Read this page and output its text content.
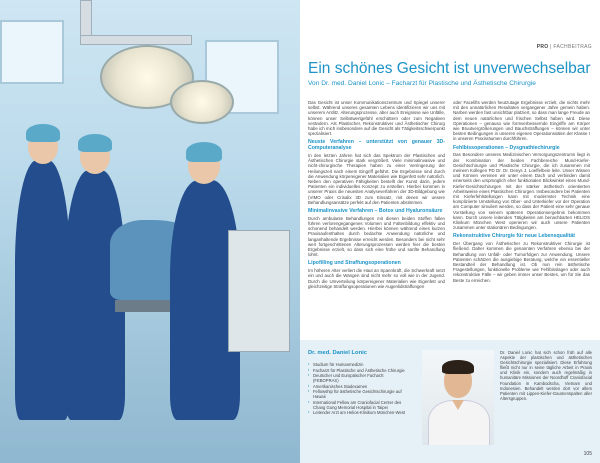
PRO | FACHBEITRAG
Ein schönes Gesicht ist unverwechselbar
Von Dr. med. Daniel Lonic – Facharzt für Plastische und Ästhetische Chirurgie

Das Gesicht ist unser Kommunikationszentrum und Spiegel unserer selbst. Während unseres gesamten Lebens identifizieren wir uns mit unserem Antlitz. Alterungsprozesse, aber auch Ereignisse wie Unfälle, können unser Selbstwertgefühl erschüttern oder zum Negativen verändern. Als Plastischer, Rekonstruktiver und Ästhetischer Chirurg habe ich mich insbesondere auf die Gesicht als Tätigkeitsschwerpunkt spezialisiert.

Neuste Verfahren – unterstützt von genauer 3D-Computeranalyse

In den letzten Jahren hat sich das Spektrum der Plastischen und Ästhetischen Chirurgie stark vergrößert. Viele minimalinvasive und nicht-chirurgische Therapien haben zu einer Verringerung der Heilungszeit nach einem Eingriff geführt. Die Ergebnisse sind durch die Anwendung körpereigener Materialien wie Eigenfett sehr natürlich. Neben den operativen Fähigkeiten bestellt der Kunst darin, jedem Patienten ein individuelles Konzept zu erstellen. Hierbei kommen in unserer Praxis die neuesten Analyseverfahren der 3D-Bildgebung wie (VIMO oder Crisalix 3D zum Einsatz, mit denen wir unsere Behandlungsansätze perfekt auf den Patienten abstimmen.

Minimalinvasive Verfahren – Botox und Hyaluronsäure

Durch ambulante Behandlungen mit diesen beiden Stoffen fallen führen verlorengegangenes Volumen und Faltenbildung effektiv und schonend behandelt werden. Hierbei können während eines kurzen Praxisaufenthaltes durch bedachte Anwendung natürliche und langanhaltende Ergebnisse erreicht werden. Besonders bei nicht sehr weit fortgeschrittenen Alterungsprozessen werden hier die besten Ergebnisse erzielt, so dass sich eine frühe und sanfte Behandlung lohnt.

Lipofilling und Straffungsoperationen

Im höheren Alter verliert die Haut an Spannkraft, die Schwerkraft setzt ein und auch die Wangen sind nicht mehr so voll wie in der Jugend. Durch die Umverteilung körpereigener Materialien wie Eigenfett und gleichzeitige Straffungsoperationen wie Augenlidstraffungen

oder Facelifts werden heutzutage Ergebnisse erzielt, die nichts mehr mit den unnatürlichen Resultaten vergangener Jahre gemein haben. Narben werden fast unsichtbar platziert, so dass man lange Freude an dem neuen natürlichen und frischen Selbst haben wird. Diese Operationen – genauso wie formverbessernde Eingriffe am Körper wie Bruutvergrößerungen und Bauchstraffungen – können wir unter besten Bedingungen in unseren eigenen Operationssälen der Klasse I in unseren Praxisräumen durchführen.

Fehlbissoperationen – Dysgnathiechirurgie

Das Besondere unseres Medizinischen Versorgungszentrums liegt in der Kombination der beiden Fachbereiche Mund-Kiefer-Gesichtschirurgie und Plastische Chirurgie, die ich zusammen mit meinem Kollegen PD Dr. Dr. Denys J. Loeffelbein leite. Unser Wissen und Können vereinen wir unter einem Dach und verbinden damit einerseits den ursprünglich eher funktionalen Blickwinkel eines Mund-Kiefer-Gesichtschirurgen mit der stärker ästhetisch orientierten Arbeitsweise eines Plastischen Chirurgen. Insbesondere bei Patienten mit Kieferfehlstellungen kann mit modernster Technik eine kompliziierte Umstellung von Ober- und Unterkiefer vor der Operation am Computer simuliert werden, so dass der Patient eine sehr genaue Vorstellung von seinem späteren Operationsergebnis bekommen kann. Durch unsere leitenden Tätigkeiten am benachbarten HELIOS Klinikum München West operieren wir auch unsere Patienten zusammen unter stationären Bedingungen.

Rekonstruktive Chirurgie für neue Lebensqualität

Der Übergang von Ästhetischer zu Rekonstruktiver Chirurgie ist fließend. Daher kommen die genannten Verfahren ebenso bei der Behandlung von Unfall- oder Tumorfolgen zur Anwendung. Unsere Patienten schätzen die ausgiebige Beratung, welche ein essentieller Bestandteil der Behandlung ist. Ob nun rein ästhetische Fragestellungen, funktionelle Probleme wie Fehlbisslagen oder auch rekonstruktive Fälle – wir geben immer unser Bestes, um für Sie das Beste zu erreichen.

Dr. med. Daniel Lonic
▪ Studium für Humanmedizin
▪ Facharzt für Plastische und Ästhetische Chirurgie
▪ Deutscher und Europäischer Facharzt (FEBOPRAS)
▪ Amerikanisches Stadexamen
▪ Fellowship für ästhetische Gesichtschirurgie auf Hawaii
▪ International Fellow am Craniofacial Center des Chang Gung Memorial Hospital in Taipei
▪ Leitender Arzt am Helios-Klinikum München-West

Dr. Daniel Lonic hat sich schon früh auf alle Aspekte der plastischen und ästhetischen Gesichtschirurgie spezialisiert. Diese Erfahrung fließt nicht nur in seine tägliche Arbeit in Praxis und Klinik ein, sondern auch regelmäßig in humanitäre Missionen der Noordhoff Craniofacial Foundation in Kambodscha, Vietnam und Indonesien. Behandelt werden dort vor allem Patienten mit Lippen-Kiefer-Gaumenspalten aller Altersgruppen.

105
